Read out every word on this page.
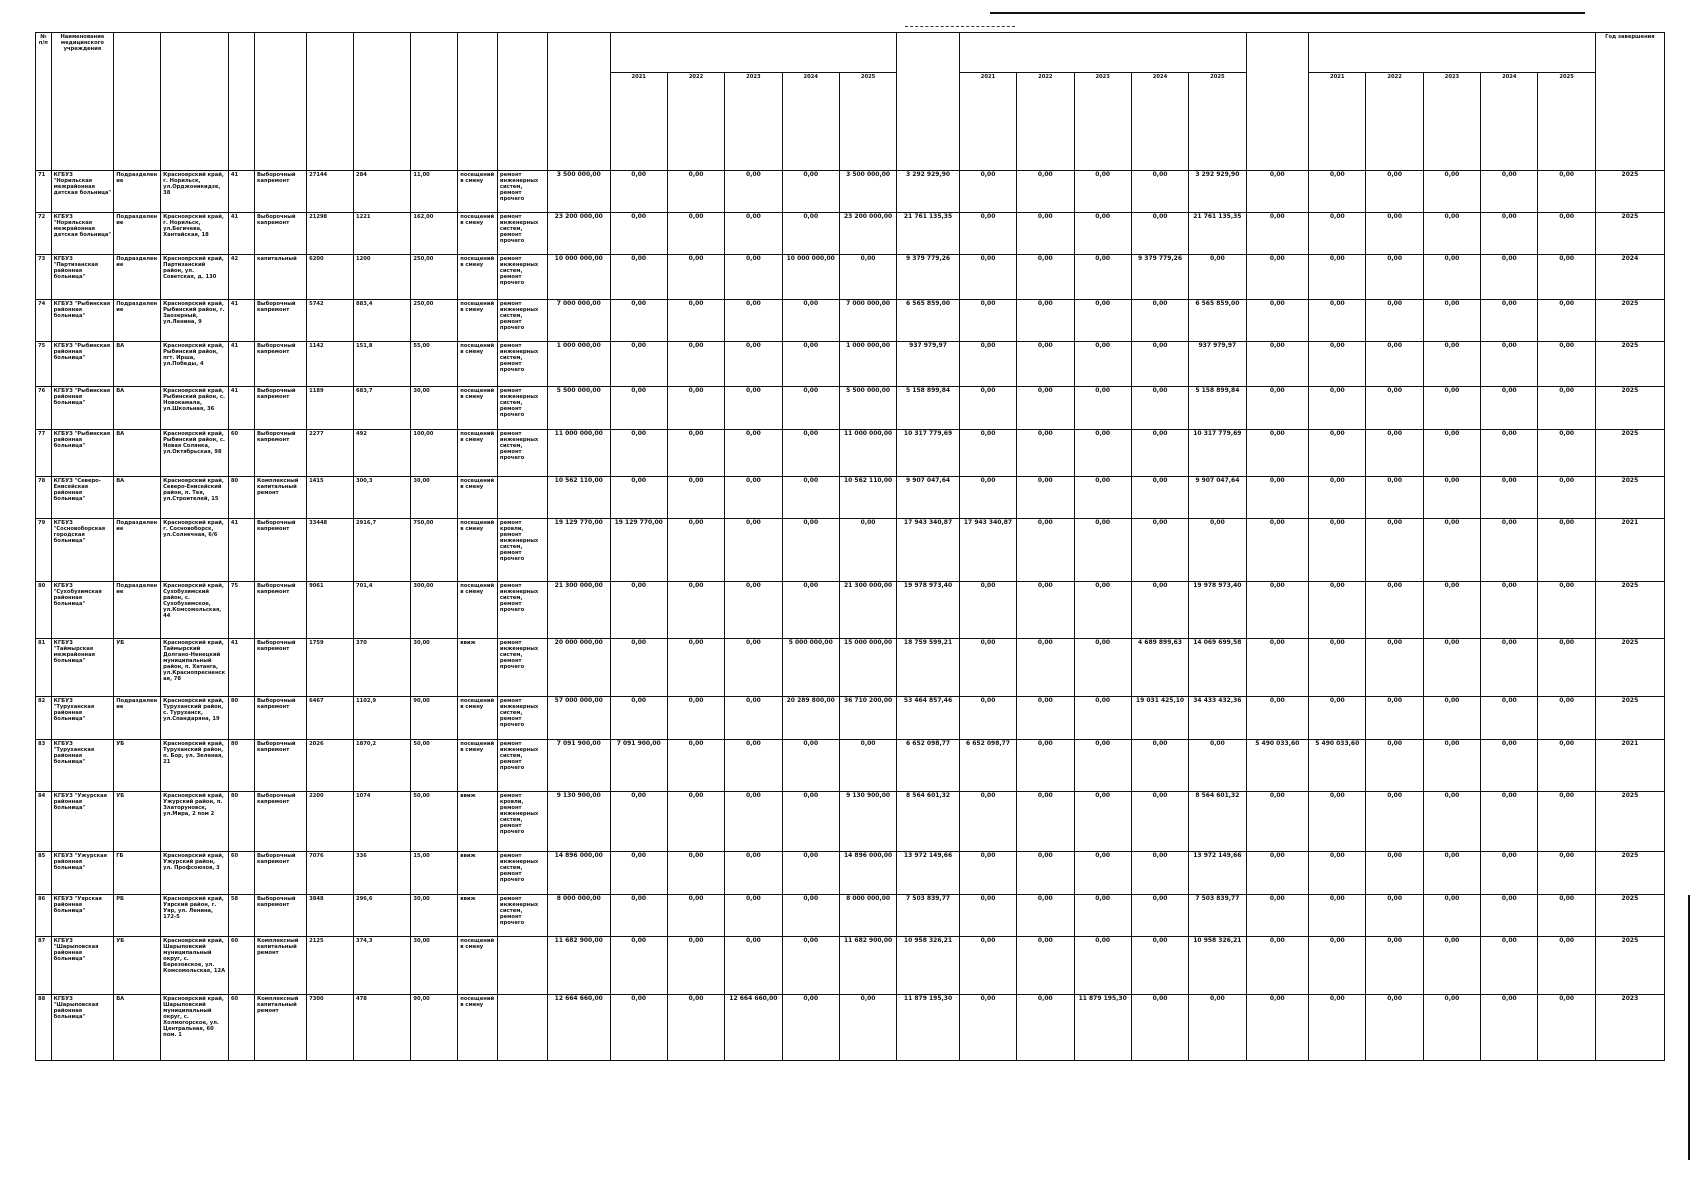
№ п/п	Наименование медицинского учреждения																												Год завершения
												2021	2022	2023	2024	2025		2021	2022	2023	2024	2025		2021	2022	2023	2024	2025	
71	КГБУЗ "Норильская межрайонная детская больница"	Подразделение	Красноярский край, г. Норильск, ул.Орджоникидзе, 38	41	Выборочный капремонт	27144	284	11,00	посещений в смену	ремонт инженерных систем, ремонт прочего	3 500 000,00	0,00	0,00	0,00	0,00	3 500 000,00	3 292 929,90	0,00	0,00	0,00	0,00	3 292 929,90	0,00	0,00	0,00	0,00	0,00	0,00	2025
72	КГБУЗ "Норильская межрайонная детская больница"	Подразделение	Красноярский край, г. Норильск, ул.Бегичева, Хантайская, 18	41	Выборочный капремонт	21298	1221	162,00	посещений в смену	ремонт инженерных систем, ремонт прочего	23 200 000,00	0,00	0,00	0,00	0,00	23 200 000,00	21 761 135,35	0,00	0,00	0,00	0,00	21 761 135,35	0,00	0,00	0,00	0,00	0,00	0,00	2025
73	КГБУЗ "Партизанская районная больница"	Подразделение	Красноярский край, Партизанский район, ул. Советская, д. 130	42	капитальный	6200	1200	250,00	посещений в смену	ремонт инженерных систем, ремонт прочего	10 000 000,00	0,00	0,00	0,00	10 000 000,00	0,00	9 379 779,26	0,00	0,00	0,00	9 379 779,26	0,00	0,00	0,00	0,00	0,00	0,00	0,00	2024
74	КГБУЗ "Рыбинская районная больница"	Подразделение	Красноярский край, Рыбинский район, г. Заозерный, ул.Ленина, 9	41	Выборочный капремонт	5742	883,4	250,00	посещений в смену	ремонт инженерных систем, ремонт прочего	7 000 000,00	0,00	0,00	0,00	0,00	7 000 000,00	6 565 859,00	0,00	0,00	0,00	0,00	6 565 859,00	0,00	0,00	0,00	0,00	0,00	0,00	2025
75	КГБУЗ "Рыбинская районная больница"	ВА	Красноярский край, Рыбинский район, пгт. Ирша, ул.Победы, 4	41	Выборочный капремонт	1142	151,8	55,00	посещений в смену	ремонт инженерных систем, ремонт прочего	1 000 000,00	0,00	0,00	0,00	0,00	1 000 000,00	937 979,97	0,00	0,00	0,00	0,00	937 979,97	0,00	0,00	0,00	0,00	0,00	0,00	2025
76	КГБУЗ "Рыбинская районная больница"	ВА	Красноярский край, Рыбинский район, с. Новокамала, ул.Школьная, 36	41	Выборочный капремонт	1189	683,7	30,00	посещений в смену	ремонт инженерных систем, ремонт прочего	5 500 000,00	0,00	0,00	0,00	0,00	5 500 000,00	5 158 899,84	0,00	0,00	0,00	0,00	5 158 899,84	0,00	0,00	0,00	0,00	0,00	0,00	2025
77	КГБУЗ "Рыбинская районная больница"	ВА	Красноярский край, Рыбинский район, с. Новая Солянка, ул.Октябрьская, 98	60	Выборочный капремонт	2277	492	100,00	посещений в смену	ремонт инженерных систем, ремонт прочего	11 000 000,00	0,00	0,00	0,00	0,00	11 000 000,00	10 317 779,69	0,00	0,00	0,00	0,00	10 317 779,69	0,00	0,00	0,00	0,00	0,00	0,00	2025
78	КГБУЗ "Северо-Енисейская районная больница"	ВА	Красноярский край, Северо-Енисейский район, п. Тея, ул.Строителей, 15	80	Комплексный капитальный ремонт	1415	300,3	30,00	посещений в смену		10 562 110,00	0,00	0,00	0,00	0,00	10 562 110,00	9 907 047,64	0,00	0,00	0,00	0,00	9 907 047,64	0,00	0,00	0,00	0,00	0,00	0,00	2025
79	КГБУЗ "Сосновоборская городская больница"	Подразделение	Красноярский край, г. Сосновоборск, ул.Солнечная, 6/6	41	Выборочный капремонт	33448	2916,7	750,00	посещений в смену	ремонт кровли, ремонт инженерных систем, ремонт прочего	19 129 770,00	19 129 770,00	0,00	0,00	0,00	0,00	17 943 340,87	17 943 340,87	0,00	0,00	0,00	0,00	0,00	0,00	0,00	0,00	0,00	0,00	2021
80	КГБУЗ "Сухобузимская районная больница"	Подразделение	Красноярский край, Сухобузимский район, с. Сухобузимское, ул.Комсомольская, 44	75	Выборочный капремонт	9061	701,4	300,00	посещений в смену	ремонт инженерных систем, ремонт прочего	21 300 000,00	0,00	0,00	0,00	0,00	21 300 000,00	19 978 973,40	0,00	0,00	0,00	0,00	19 978 973,40	0,00	0,00	0,00	0,00	0,00	0,00	2025
81	КГБУЗ "Таймырская межрайонная больница"	УБ	Красноярский край, Таймырский Долгано-Ненецкий муниципальный район, п. Хатанга, ул.Краснопресненская, 78	41	Выборочный капремонт	1759	370	30,00	ввиж	ремонт инженерных систем, ремонт прочего	20 000 000,00	0,00	0,00	0,00	5 000 000,00	15 000 000,00	18 759 599,21	0,00	0,00	0,00	4 689 899,63	14 069 699,58	0,00	0,00	0,00	0,00	0,00	0,00	2025
82	КГБУЗ "Туруханская районная больница"	Подразделение	Красноярский край, Туруханский район, с. Туруханск, ул.Спандаряна, 19	80	Выборочный капремонт	6467	1102,9	90,00	посещений в смену	ремонт инженерных систем, ремонт прочего	57 000 000,00	0,00	0,00	0,00	20 289 800,00	36 710 200,00	53 464 857,46	0,00	0,00	0,00	19 031 425,10	34 433 432,36	0,00	0,00	0,00	0,00	0,00	0,00	2025
83	КГБУЗ "Туруханская районная больница"	УБ	Красноярский край, Туруханский район, п. Бор, ул. Зеленая, 21	80	Выборочный капремонт	2026	1870,2	50,00	посещений в смену	ремонт инженерных систем, ремонт прочего	7 091 900,00	7 091 900,00	0,00	0,00	0,00	0,00	6 652 098,77	6 652 098,77	0,00	0,00	0,00	0,00	5 490 033,60	5 490 033,60	0,00	0,00	0,00	0,00	2021
84	КГБУЗ "Ужурская районная больница"	УБ	Красноярский край, Ужурский район, п. Златоруновск, ул.Мира, 2 пом 2	80	Выборочный капремонт	2200	1074	50,00	ввиж	ремонт кровли, ремонт инженерных систем, ремонт прочего	9 130 900,00	0,00	0,00	0,00	0,00	9 130 900,00	8 564 601,32	0,00	0,00	0,00	0,00	8 564 601,32	0,00	0,00	0,00	0,00	0,00	0,00	2025
85	КГБУЗ "Ужурская районная больница"	ГБ	Красноярский край, Ужурский район, ул. Профсоюзов, 3	60	Выборочный капремонт	7076	336	15,00	ввиж	ремонт инженерных систем, ремонт прочего	14 896 000,00	0,00	0,00	0,00	0,00	14 896 000,00	13 972 149,66	0,00	0,00	0,00	0,00	13 972 149,66	0,00	0,00	0,00	0,00	0,00	0,00	2025
86	КГБУЗ "Уярская районная больница"	РБ	Красноярский край, Уярский район, г. Уяр, ул. Ленина, 172-5	58	Выборочный капремонт	3848	296,6	30,00	ввиж	ремонт инженерных систем, ремонт прочего	8 000 000,00	0,00	0,00	0,00	0,00	8 000 000,00	7 503 839,77	0,00	0,00	0,00	0,00	7 503 839,77	0,00	0,00	0,00	0,00	0,00	0,00	2025
87	КГБУЗ "Шарыповская районная больница"	УБ	Красноярский край, Шарыповский муниципальный округ, с. Березовское, ул. Комсомольская, 12А	60	Комплексный капитальный ремонт	2125	374,3	30,00	посещений в смену		11 682 900,00	0,00	0,00	0,00	0,00	11 682 900,00	10 958 326,21	0,00	0,00	0,00	0,00	10 958 326,21	0,00	0,00	0,00	0,00	0,00	0,00	2025
88	КГБУЗ "Шарыповская районная больница"	ВА	Красноярский край, Шарыповский муниципальный округ, с. Холмогорское, ул. Центральная, 60 пом. 1	60	Комплексный капитальный ремонт	7300	478	90,00	посещений в смену		12 664 660,00	0,00	0,00	12 664 660,00	0,00	0,00	11 879 195,30	0,00	0,00	11 879 195,30	0,00	0,00	0,00	0,00	0,00	0,00	0,00	0,00	2023
